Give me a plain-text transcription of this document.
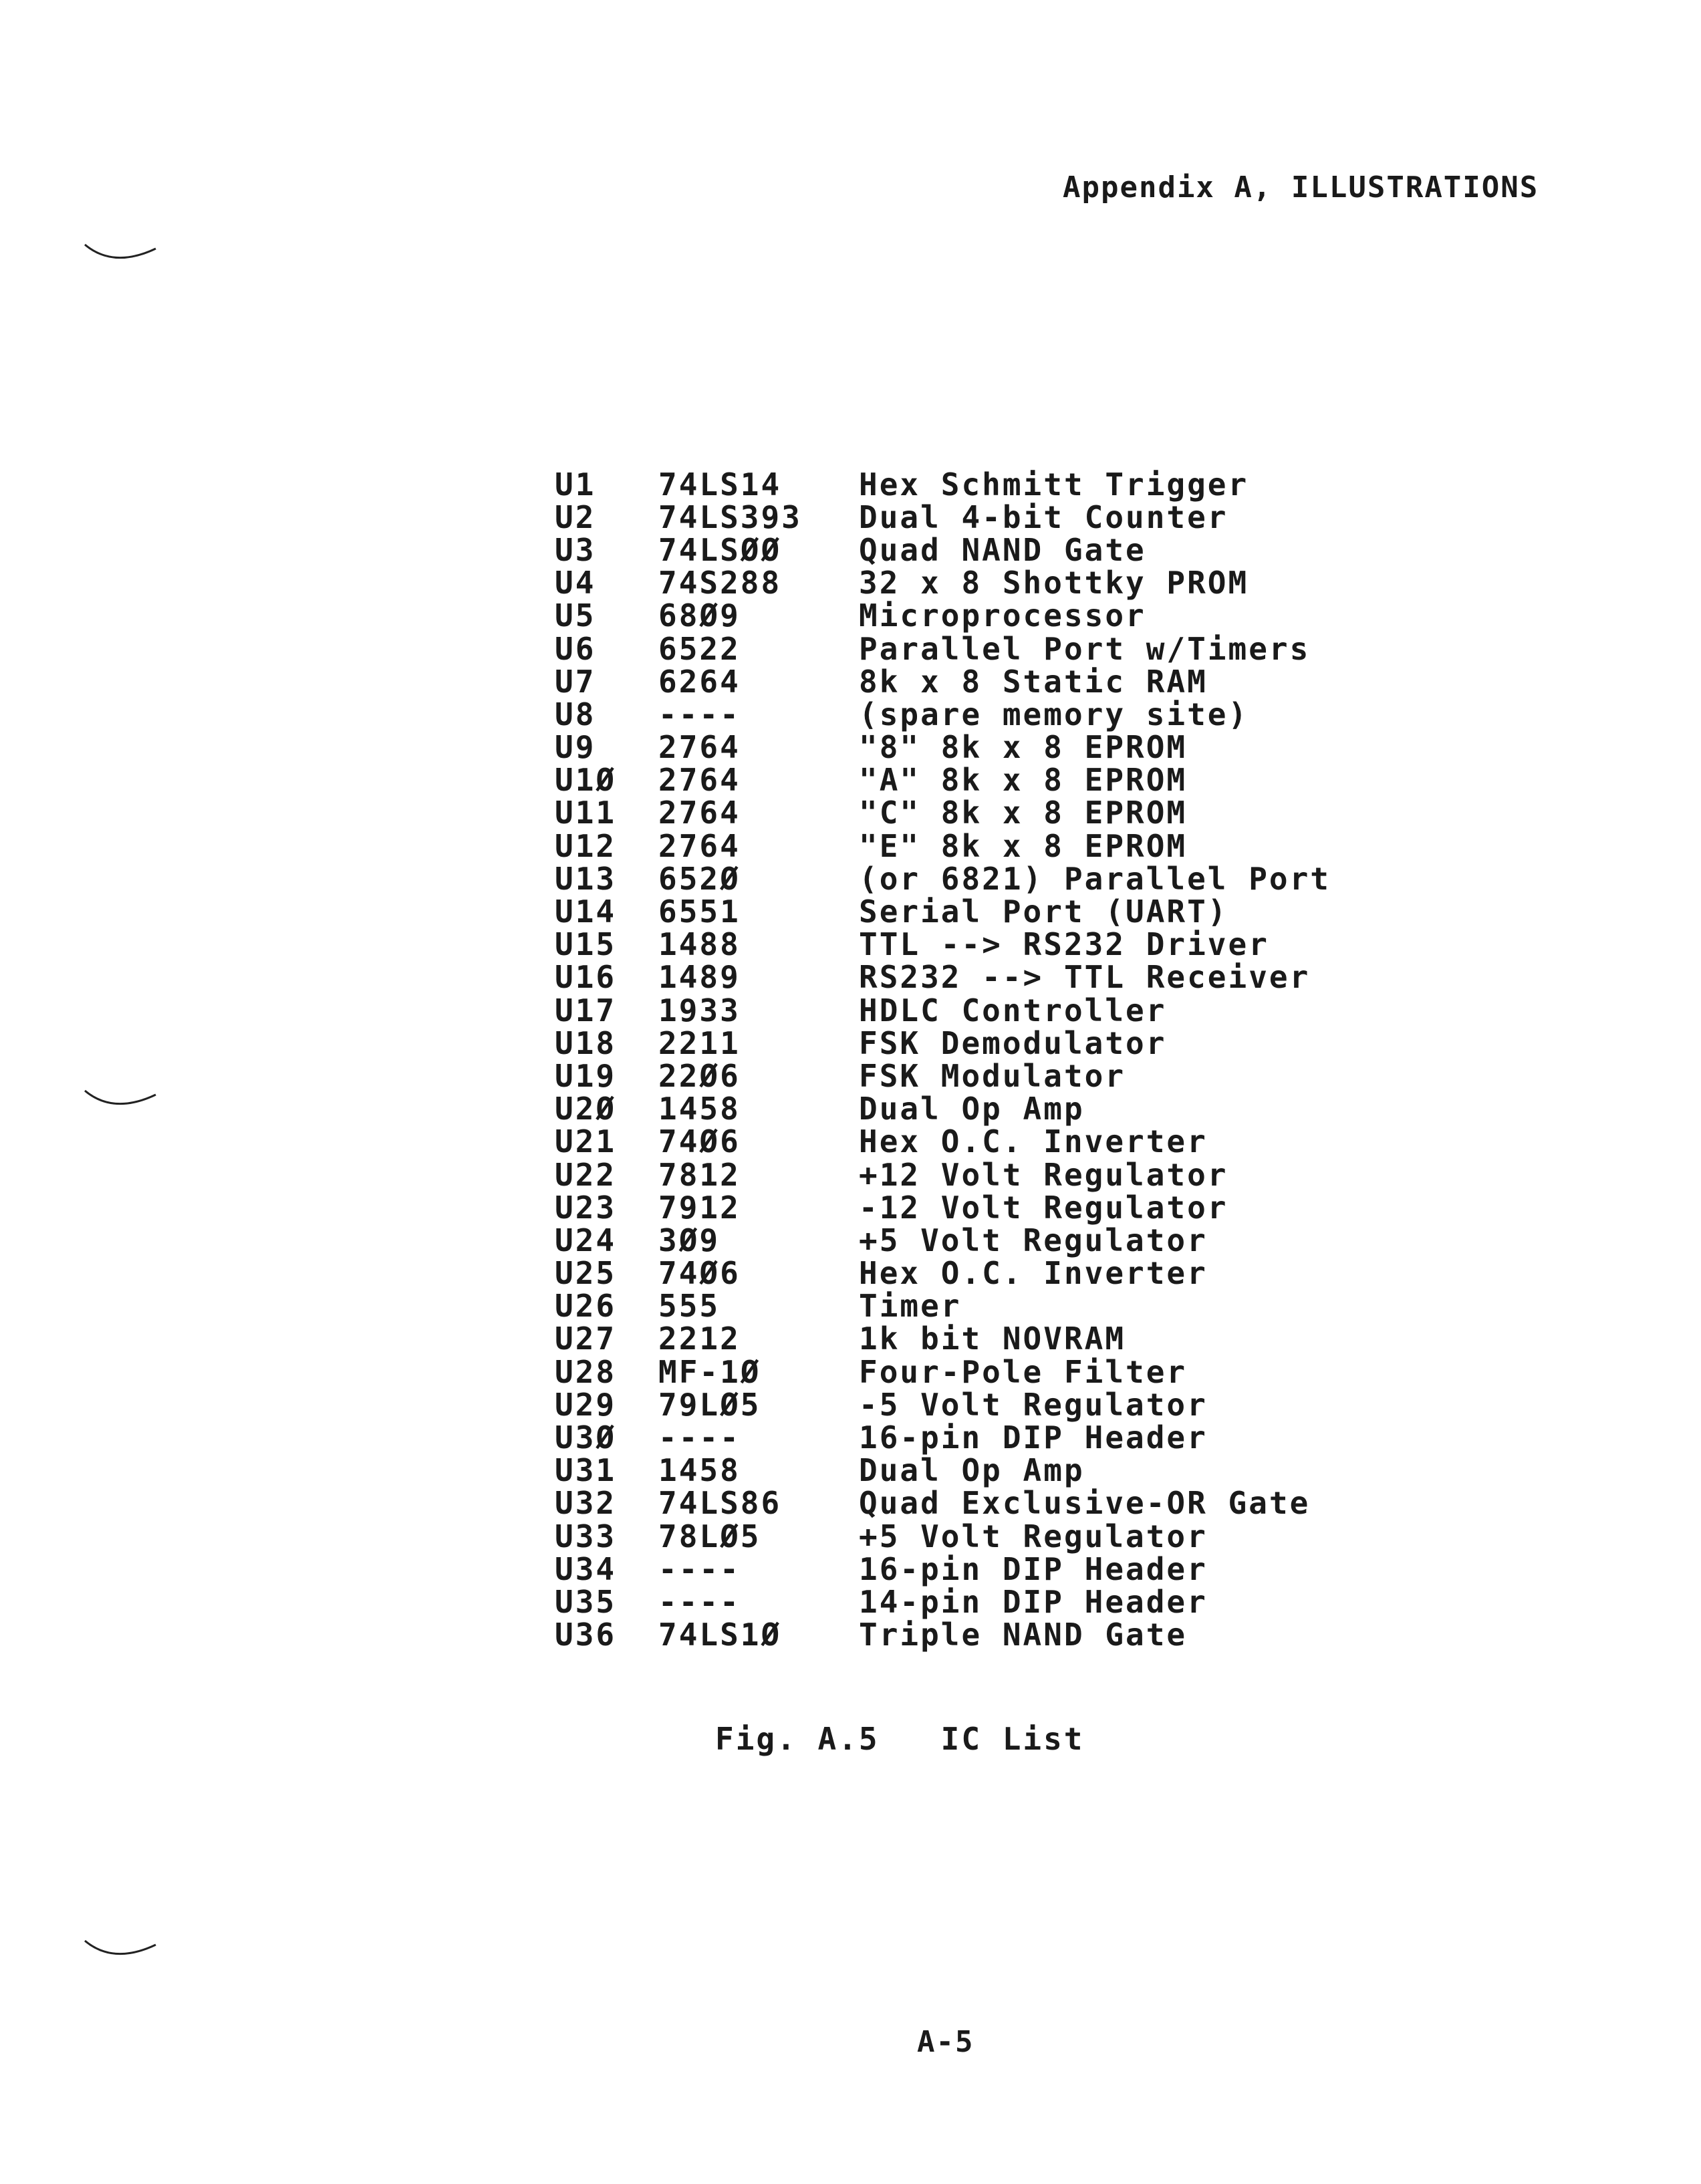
Appendix A, ILLUSTRATIONS
U1	74LS14	Hex Schmitt Trigger
U2	74LS393	Dual 4-bit Counter
U3	74LSØØ	Quad NAND Gate
U4	74S288	32 x 8 Shottky PROM
U5	68Ø9	Microprocessor
U6	6522	Parallel Port w/Timers
U7	6264	8k x 8 Static RAM
U8	----	(spare memory site)
U9	2764	"8" 8k x 8 EPROM
U1Ø	2764	"A" 8k x 8 EPROM
U11	2764	"C" 8k x 8 EPROM
U12	2764	"E" 8k x 8 EPROM
U13	652Ø	(or 6821) Parallel Port
U14	6551	Serial Port (UART)
U15	1488	TTL --> RS232 Driver
U16	1489	RS232 --> TTL Receiver
U17	1933	HDLC Controller
U18	2211	FSK Demodulator
U19	22Ø6	FSK Modulator
U2Ø	1458	Dual Op Amp
U21	74Ø6	Hex O.C. Inverter
U22	7812	+12 Volt Regulator
U23	7912	-12 Volt Regulator
U24	3Ø9	+5 Volt Regulator
U25	74Ø6	Hex O.C. Inverter
U26	555	Timer
U27	2212	1k bit NOVRAM
U28	MF-1Ø	Four-Pole Filter
U29	79LØ5	-5 Volt Regulator
U3Ø	----	16-pin DIP Header
U31	1458	Dual Op Amp
U32	74LS86	Quad Exclusive-OR Gate
U33	78LØ5	+5 Volt Regulator
U34	----	16-pin DIP Header
U35	----	14-pin DIP Header
U36	74LS1Ø	Triple NAND Gate
Fig. A.5   IC List
A-5
